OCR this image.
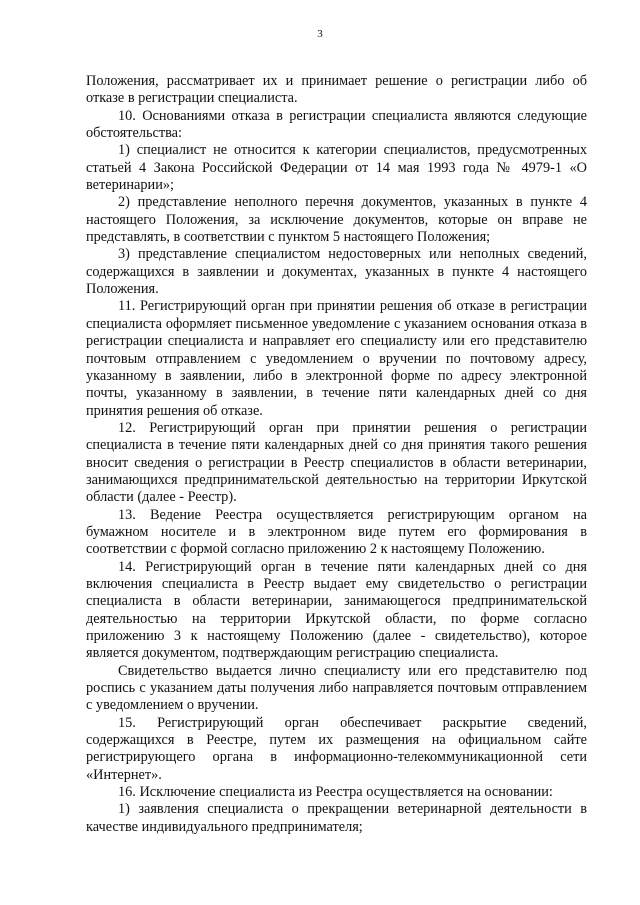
3

Положения, рассматривает их и принимает решение о регистрации либо об отказе в регистрации специалиста.

10. Основаниями отказа в регистрации специалиста являются следующие обстоятельства:

1) специалист не относится к категории специалистов, предусмотренных статьей 4 Закона Российской Федерации от 14 мая 1993 года № 4979-1 «О ветеринарии»;

2) представление неполного перечня документов, указанных в пункте 4 настоящего Положения, за исключение документов, которые он вправе не представлять, в соответствии с пунктом 5 настоящего Положения;

3) представление специалистом недостоверных или неполных сведений, содержащихся в заявлении и документах, указанных в пункте 4 настоящего Положения.

11. Регистрирующий орган при принятии решения об отказе в регистрации специалиста оформляет письменное уведомление с указанием основания отказа в регистрации специалиста и направляет его специалисту или его представителю почтовым отправлением с уведомлением о вручении по почтовому адресу, указанному в заявлении, либо в электронной форме по адресу электронной почты, указанному в заявлении, в течение пяти календарных дней со дня принятия решения об отказе.

12. Регистрирующий орган при принятии решения о регистрации специалиста в течение пяти календарных дней со дня принятия такого решения вносит сведения о регистрации в Реестр специалистов в области ветеринарии, занимающихся предпринимательской деятельностью на территории Иркутской области (далее - Реестр).

13. Ведение Реестра осуществляется регистрирующим органом на бумажном носителе и в электронном виде путем его формирования в соответствии с формой согласно приложению 2 к настоящему Положению.

14. Регистрирующий орган в течение пяти календарных дней со дня включения специалиста в Реестр выдает ему свидетельство о регистрации специалиста в области ветеринарии, занимающегося предпринимательской деятельностью на территории Иркутской области, по форме согласно приложению 3 к настоящему Положению (далее - свидетельство), которое является документом, подтверждающим регистрацию специалиста.

Свидетельство выдается лично специалисту или его представителю под роспись с указанием даты получения либо направляется почтовым отправлением с уведомлением о вручении.

15. Регистрирующий орган обеспечивает раскрытие сведений, содержащихся в Реестре, путем их размещения на официальном сайте регистрирующего органа в информационно-телекоммуникационной сети «Интернет».

16. Исключение специалиста из Реестра осуществляется на основании:

1) заявления специалиста о прекращении ветеринарной деятельности в качестве индивидуального предпринимателя;
